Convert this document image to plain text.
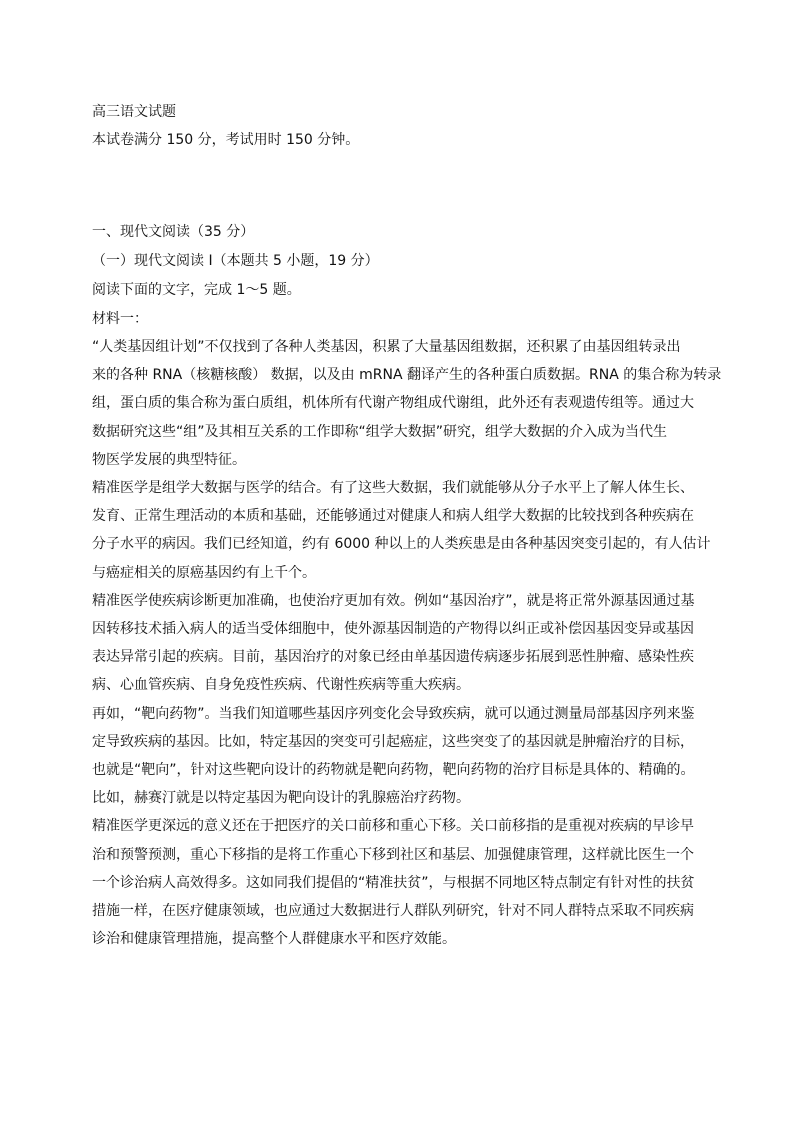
高三语文试题

本试卷满分 150 分，考试用时 150 分钟。

一、现代文阅读（35 分）

（一）现代文阅读 I（本题共 5 小题，19 分）

阅读下面的文字，完成 1～5 题。

材料一：

“人类基因组计划”不仅找到了各种人类基因，积累了大量基因组数据，还积累了由基因组转录出
来的各种 RNA（核糖核酸） 数据，以及由 mRNA 翻译产生的各种蛋白质数据。RNA 的集合称为转录
组，蛋白质的集合称为蛋白质组，机体所有代谢产物组成代谢组，此外还有表观遗传组等。通过大
数据研究这些“组”及其相互关系的工作即称“组学大数据”研究，组学大数据的介入成为当代生
物医学发展的典型特征。

精准医学是组学大数据与医学的结合。有了这些大数据，我们就能够从分子水平上了解人体生长、
发育、正常生理活动的本质和基础，还能够通过对健康人和病人组学大数据的比较找到各种疾病在
分子水平的病因。我们已经知道，约有 6000 种以上的人类疾患是由各种基因突变引起的，有人估计
与癌症相关的原癌基因约有上千个。

精准医学使疾病诊断更加准确，也使治疗更加有效。例如“基因治疗”，就是将正常外源基因通过基
因转移技术插入病人的适当受体细胞中，使外源基因制造的产物得以纠正或补偿因基因变异或基因
表达异常引起的疾病。目前，基因治疗的对象已经由单基因遗传病逐步拓展到恶性肿瘤、感染性疾
病、心血管疾病、自身免疫性疾病、代谢性疾病等重大疾病。

再如，“靶向药物”。当我们知道哪些基因序列变化会导致疾病，就可以通过测量局部基因序列来鉴
定导致疾病的基因。比如，特定基因的突变可引起癌症，这些突变了的基因就是肿瘤治疗的目标，
也就是“靶向”，针对这些靶向设计的药物就是靶向药物，靶向药物的治疗目标是具体的、精确的。
比如，赫赛汀就是以特定基因为靶向设计的乳腺癌治疗药物。

精准医学更深远的意义还在于把医疗的关口前移和重心下移。关口前移指的是重视对疾病的早诊早
治和预警预测，重心下移指的是将工作重心下移到社区和基层、加强健康管理，这样就比医生一个
一个诊治病人高效得多。这如同我们提倡的“精准扶贫”，与根据不同地区特点制定有针对性的扶贫
措施一样，在医疗健康领域，也应通过大数据进行人群队列研究，针对不同人群特点采取不同疾病
诊治和健康管理措施，提高整个人群健康水平和医疗效能。
